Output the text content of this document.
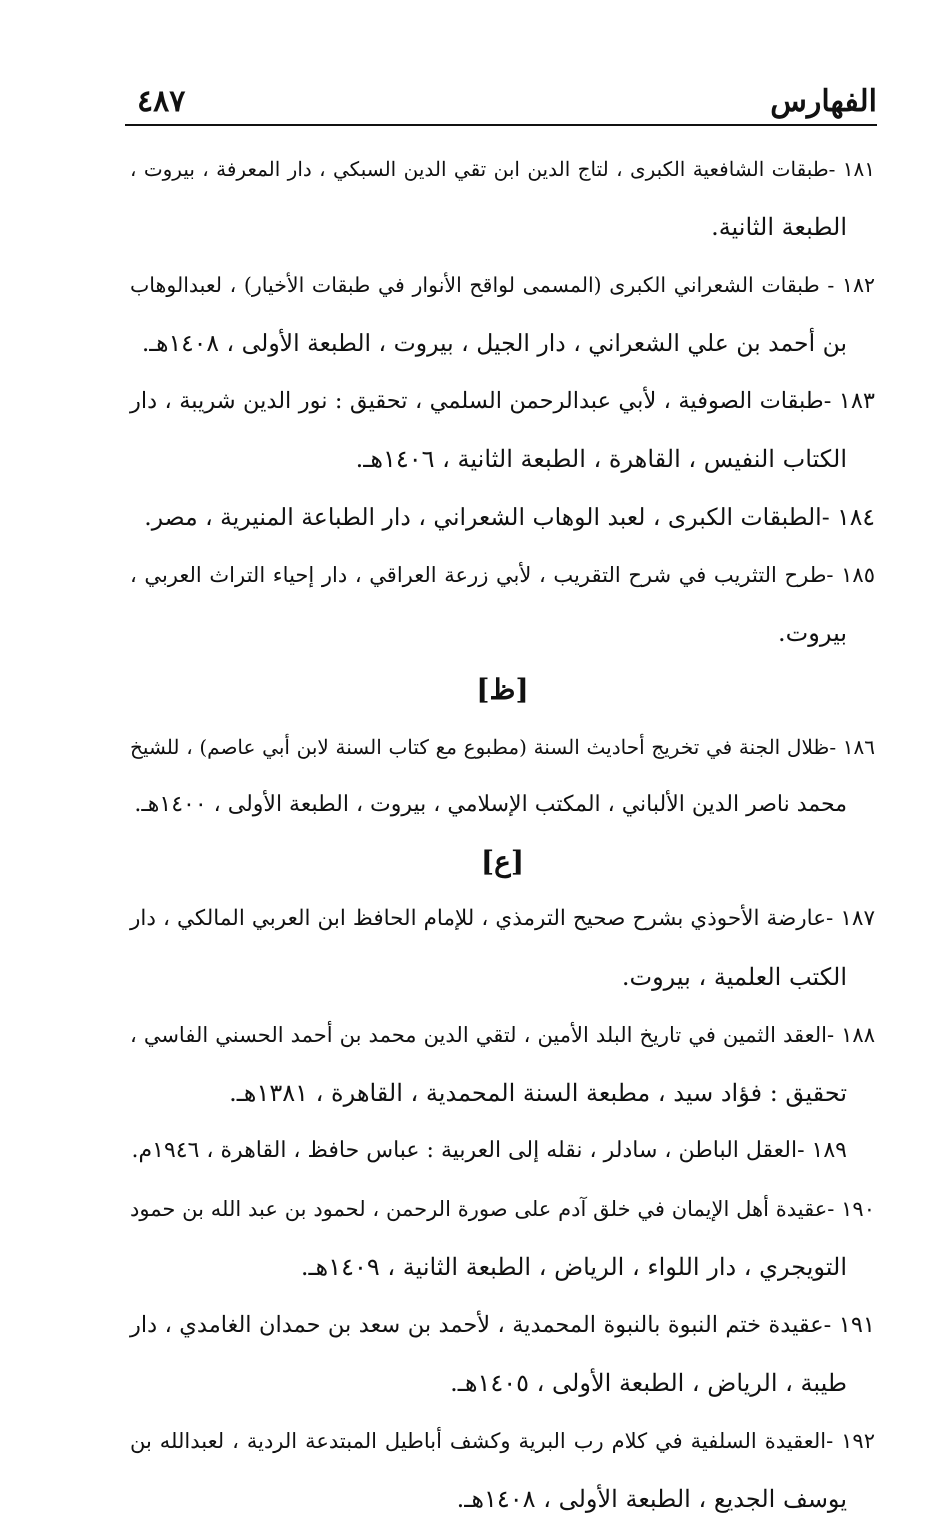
الفهارس
٤٨٧
١٨١ -طبقات الشافعية الكبرى ، لتاج الدين ابن تقي الدين السبكي ، دار المعرفة ، بيروت ،
الطبعة الثانية.
١٨٢ - طبقات الشعراني الكبرى (المسمى لواقح الأنوار في طبقات الأخيار) ، لعبدالوهاب
بن أحمد بن علي الشعراني ، دار الجيل ، بيروت ، الطبعة الأولى ، ١٤٠٨هـ.
١٨٣ -طبقات الصوفية ، لأبي عبدالرحمن السلمي ، تحقيق : نور الدين شريبة ، دار
الكتاب النفيس ، القاهرة ، الطبعة الثانية ، ١٤٠٦هـ.
١٨٤ -الطبقات الكبرى ، لعبد الوهاب الشعراني ، دار الطباعة المنيرية ، مصر.
١٨٥ -طرح التثريب في شرح التقريب ، لأبي زرعة العراقي ، دار إحياء التراث العربي ،
بيروت.
[ظ]
١٨٦ -ظلال الجنة في تخريج أحاديث السنة (مطبوع مع كتاب السنة لابن أبي عاصم) ، للشيخ
محمد ناصر الدين الألباني ، المكتب الإسلامي ، بيروت ، الطبعة الأولى ، ١٤٠٠هـ.
[ع]
١٨٧ -عارضة الأحوذي بشرح صحيح الترمذي ، للإمام الحافظ ابن العربي المالكي ، دار
الكتب العلمية ، بيروت.
١٨٨ -العقد الثمين في تاريخ البلد الأمين ، لتقي الدين محمد بن أحمد الحسني الفاسي ،
تحقيق : فؤاد سيد ، مطبعة السنة المحمدية ، القاهرة ، ١٣٨١هـ.
١٨٩ -العقل الباطن ، سادلر ، نقله إلى العربية : عباس حافظ ، القاهرة ، ١٩٤٦م.
١٩٠ -عقيدة أهل الإيمان في خلق آدم على صورة الرحمن ، لحمود بن عبد الله بن حمود
التويجري ، دار اللواء ، الرياض ، الطبعة الثانية ، ١٤٠٩هـ.
١٩١ -عقيدة ختم النبوة بالنبوة المحمدية ، لأحمد بن سعد بن حمدان الغامدي ، دار
طيبة ، الرياض ، الطبعة الأولى ، ١٤٠٥هـ.
١٩٢ -العقيدة السلفية في كلام رب البرية وكشف أباطيل المبتدعة الردية ، لعبدالله بن
يوسف الجديع ، الطبعة الأولى ، ١٤٠٨هـ.
